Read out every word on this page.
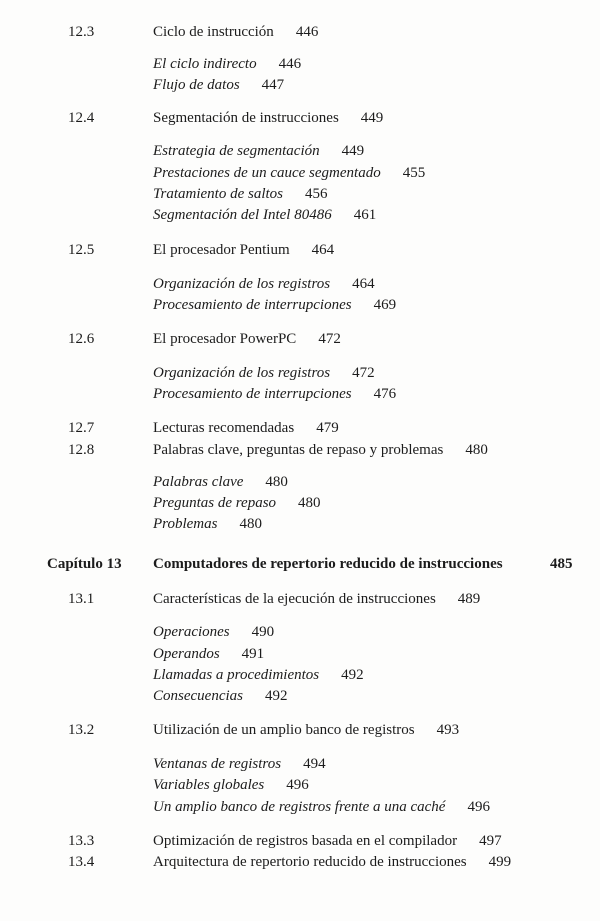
12.3	Ciclo de instrucción 446
El ciclo indirecto 446
Flujo de datos 447
12.4	Segmentación de instrucciones 449
Estrategia de segmentación 449
Prestaciones de un cauce segmentado 455
Tratamiento de saltos 456
Segmentación del Intel 80486 461
12.5	El procesador Pentium 464
Organización de los registros 464
Procesamiento de interrupciones 469
12.6	El procesador PowerPC 472
Organización de los registros 472
Procesamiento de interrupciones 476
12.7	Lecturas recomendadas 479
12.8	Palabras clave, preguntas de repaso y problemas 480
Palabras clave 480
Preguntas de repaso 480
Problemas 480
Capítulo 13 Computadores de repertorio reducido de instrucciones	485
13.1	Características de la ejecución de instrucciones 489
Operaciones 490
Operandos 491
Llamadas a procedimientos 492
Consecuencias 492
13.2	Utilización de un amplio banco de registros 493
Ventanas de registros 494
Variables globales 496
Un amplio banco de registros frente a una caché 496
13.3	Optimización de registros basada en el compilador 497
13.4	Arquitectura de repertorio reducido de instrucciones 499
